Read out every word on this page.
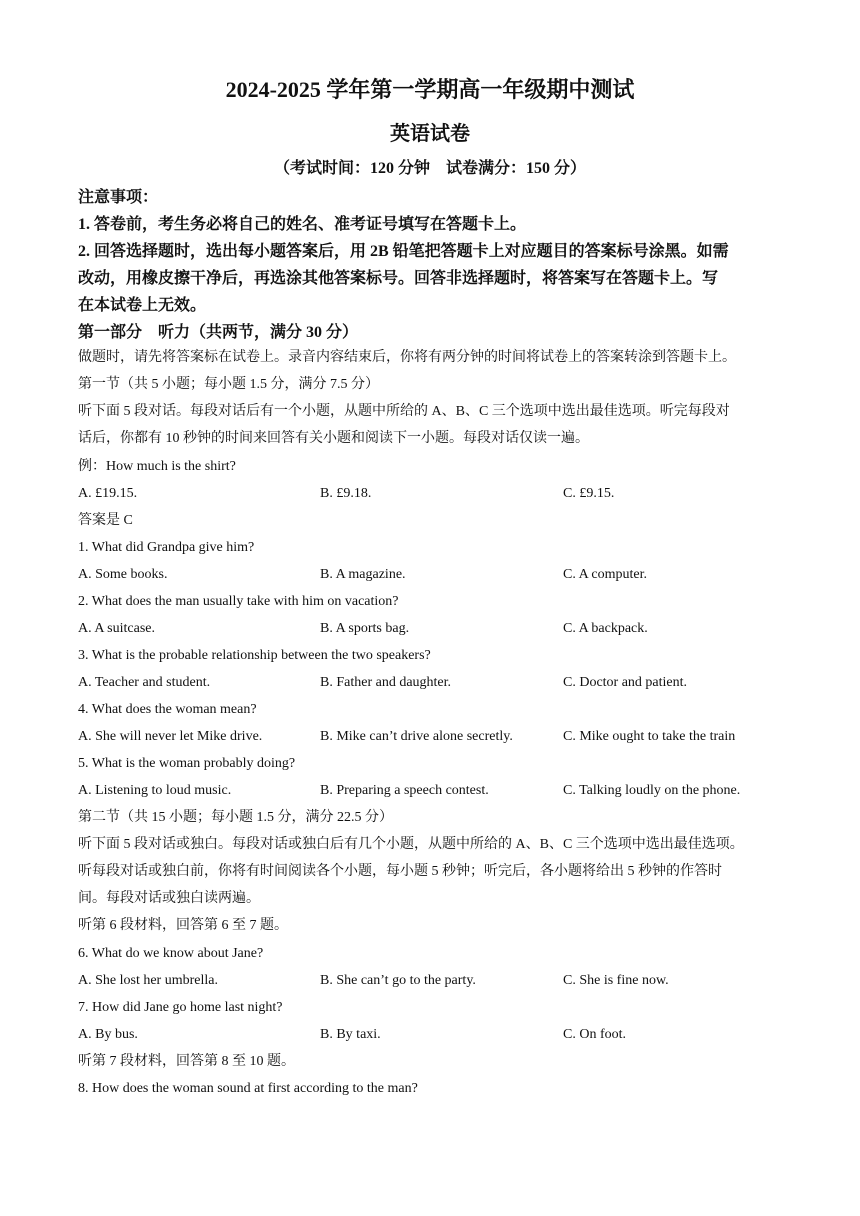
2024-2025 学年第一学期高一年级期中测试
英语试卷
（考试时间：120 分钟　试卷满分：150 分）
注意事项：
1. 答卷前，考生务必将自己的姓名、准考证号填写在答题卡上。
2. 回答选择题时，选出每小题答案后，用 2B 铅笔把答题卡上对应题目的答案标号涂黑。如需
改动，用橡皮擦干净后，再选涂其他答案标号。回答非选择题时，将答案写在答题卡上。写
在本试卷上无效。
第一部分　听力（共两节，满分 30 分）
做题时，请先将答案标在试卷上。录音内容结束后，你将有两分钟的时间将试卷上的答案转涂到答题卡上。
第一节（共 5 小题；每小题 1.5 分，满分 7.5 分）
听下面 5 段对话。每段对话后有一个小题，从题中所给的 A、B、C 三个选项中选出最佳选项。听完每段对
话后，你都有 10 秒钟的时间来回答有关小题和阅读下一小题。每段对话仅读一遍。
例：How much is the shirt?
A. £19.15.	B. £9.18.	C. £9.15.
答案是 C
1. What did Grandpa give him?
A. Some books.	B. A magazine.	C. A computer.
2. What does the man usually take with him on vacation?
A. A suitcase.	B. A sports bag.	C. A backpack.
3. What is the probable relationship between the two speakers?
A. Teacher and student.	B. Father and daughter.	C. Doctor and patient.
4. What does the woman mean?
A. She will never let Mike drive.	B. Mike can’t drive alone secretly.	C. Mike ought to take the train
5. What is the woman probably doing?
A. Listening to loud music.	B. Preparing a speech contest.	C. Talking loudly on the phone.
第二节（共 15 小题；每小题 1.5 分，满分 22.5 分）
听下面 5 段对话或独白。每段对话或独白后有几个小题，从题中所给的 A、B、C 三个选项中选出最佳选项。
听每段对话或独白前，你将有时间阅读各个小题，每小题 5 秒钟；听完后，各小题将给出 5 秒钟的作答时
间。每段对话或独白读两遍。
听第 6 段材料，回答第 6 至 7 题。
6. What do we know about Jane?
A. She lost her umbrella.	B. She can’t go to the party.	C. She is fine now.
7. How did Jane go home last night?
A. By bus.	B. By taxi.	C. On foot.
听第 7 段材料，回答第 8 至 10 题。
8. How does the woman sound at first according to the man?
